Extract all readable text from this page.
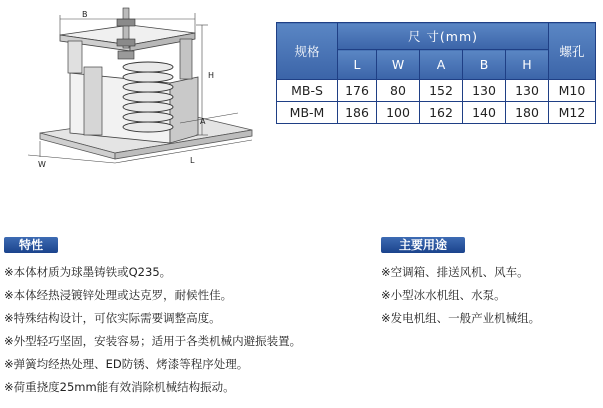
B
H
W	L
A
规格	尺 寸(mm)					螺孔
	L	W	A	B	H	
MB-S	176	80	152	130	130	M10
MB-M	186	100	162	140	180	M12
特性
※本体材质为球墨铸铁或Q235。
※本体经热浸镀锌处理或达克罗，耐候性佳。
※特殊结构设计，可依实际需要调整高度。
※外型轻巧坚固，安装容易；适用于各类机械内避振装置。
※弹簧均经热处理、ED防锈、烤漆等程序处理。
※荷重挠度25mm能有效消除机械结构振动。
主要用途
※空调箱、排送风机、风车。
※小型冰水机组、水泵。
※发电机组、一般产业机械组。
